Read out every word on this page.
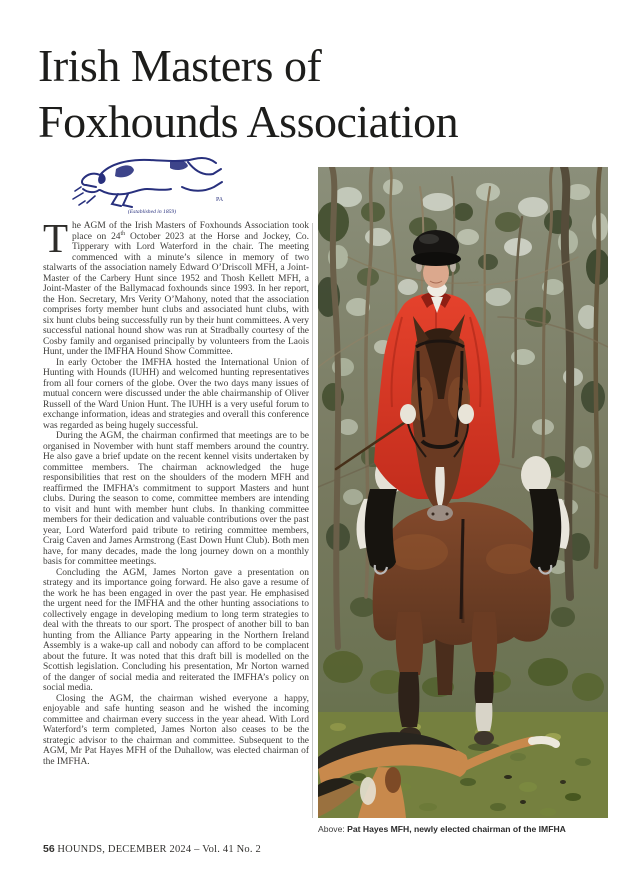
Irish Masters of
Foxhounds Association
PA
(Established in 1859)

The AGM of the Irish Masters of Foxhounds Association took place on 24th October 2023 at the Horse and Jockey, Co. Tipperary with Lord Waterford in the chair. The meeting commenced with a minute’s silence in memory of two stalwarts of the association namely Edward O’Driscoll MFH, a Joint-Master of the Carbery Hunt since 1952 and Thosh Kellett MFH, a Joint-Master of the Ballymacad foxhounds since 1993. In her report, the Hon. Secretary, Mrs Verity O’Mahony, noted that the association comprises forty member hunt clubs and associated hunt clubs, with six hunt clubs being successfully run by their hunt committees. A very successful national hound show was run at Stradbally courtesy of the Cosby family and organised principally by volunteers from the Laois Hunt, under the IMFHA Hound Show Committee.

In early October the IMFHA hosted the International Union of Hunting with Hounds (IUHH) and welcomed hunting representatives from all four corners of the globe. Over the two days many issues of mutual concern were discussed under the able chairmanship of Oliver Russell of the Ward Union Hunt. The IUHH is a very useful forum to exchange information, ideas and strategies and overall this conference was regarded as being hugely successful.

During the AGM, the chairman confirmed that meetings are to be organised in November with hunt staff members around the country. He also gave a brief update on the recent kennel visits undertaken by committee members. The chairman acknowledged the huge responsibilities that rest on the shoulders of the modern MFH and reaffirmed the IMFHA’s commitment to support Masters and hunt clubs. During the season to come, committee members are intending to visit and hunt with member hunt clubs. In thanking committee members for their dedication and valuable contributions over the past year, Lord Waterford paid tribute to retiring committee members, Craig Caven and James Armstrong (East Down Hunt Club). Both men have, for many decades, made the long journey down on a monthly basis for committee meetings.

Concluding the AGM, James Norton gave a presentation on strategy and its importance going forward. He also gave a resume of the work he has been engaged in over the past year. He emphasised the urgent need for the IMFHA and the other hunting associations to collectively engage in developing medium to long term strategies to deal with the threats to our sport. The prospect of another bill to ban hunting from the Alliance Party appearing in the Northern Ireland Assembly is a wake-up call and nobody can afford to be complacent about the future. It was noted that this draft bill is modelled on the Scottish legislation. Concluding his presentation, Mr Norton warned of the danger of social media and reiterated the IMFHA’s policy on social media.

Closing the AGM, the chairman wished everyone a happy, enjoyable and safe hunting season and he wished the incoming committee and chairman every success in the year ahead. With Lord Waterford’s term completed, James Norton also ceases to be the strategic advisor to the chairman and committee. Subsequent to the AGM, Mr Pat Hayes MFH of the Duhallow, was elected chairman of the IMFHA.

Above: Pat Hayes MFH, newly elected chairman of the IMFHA
56 HOUNDS, DECEMBER 2024 – Vol. 41 No. 2
